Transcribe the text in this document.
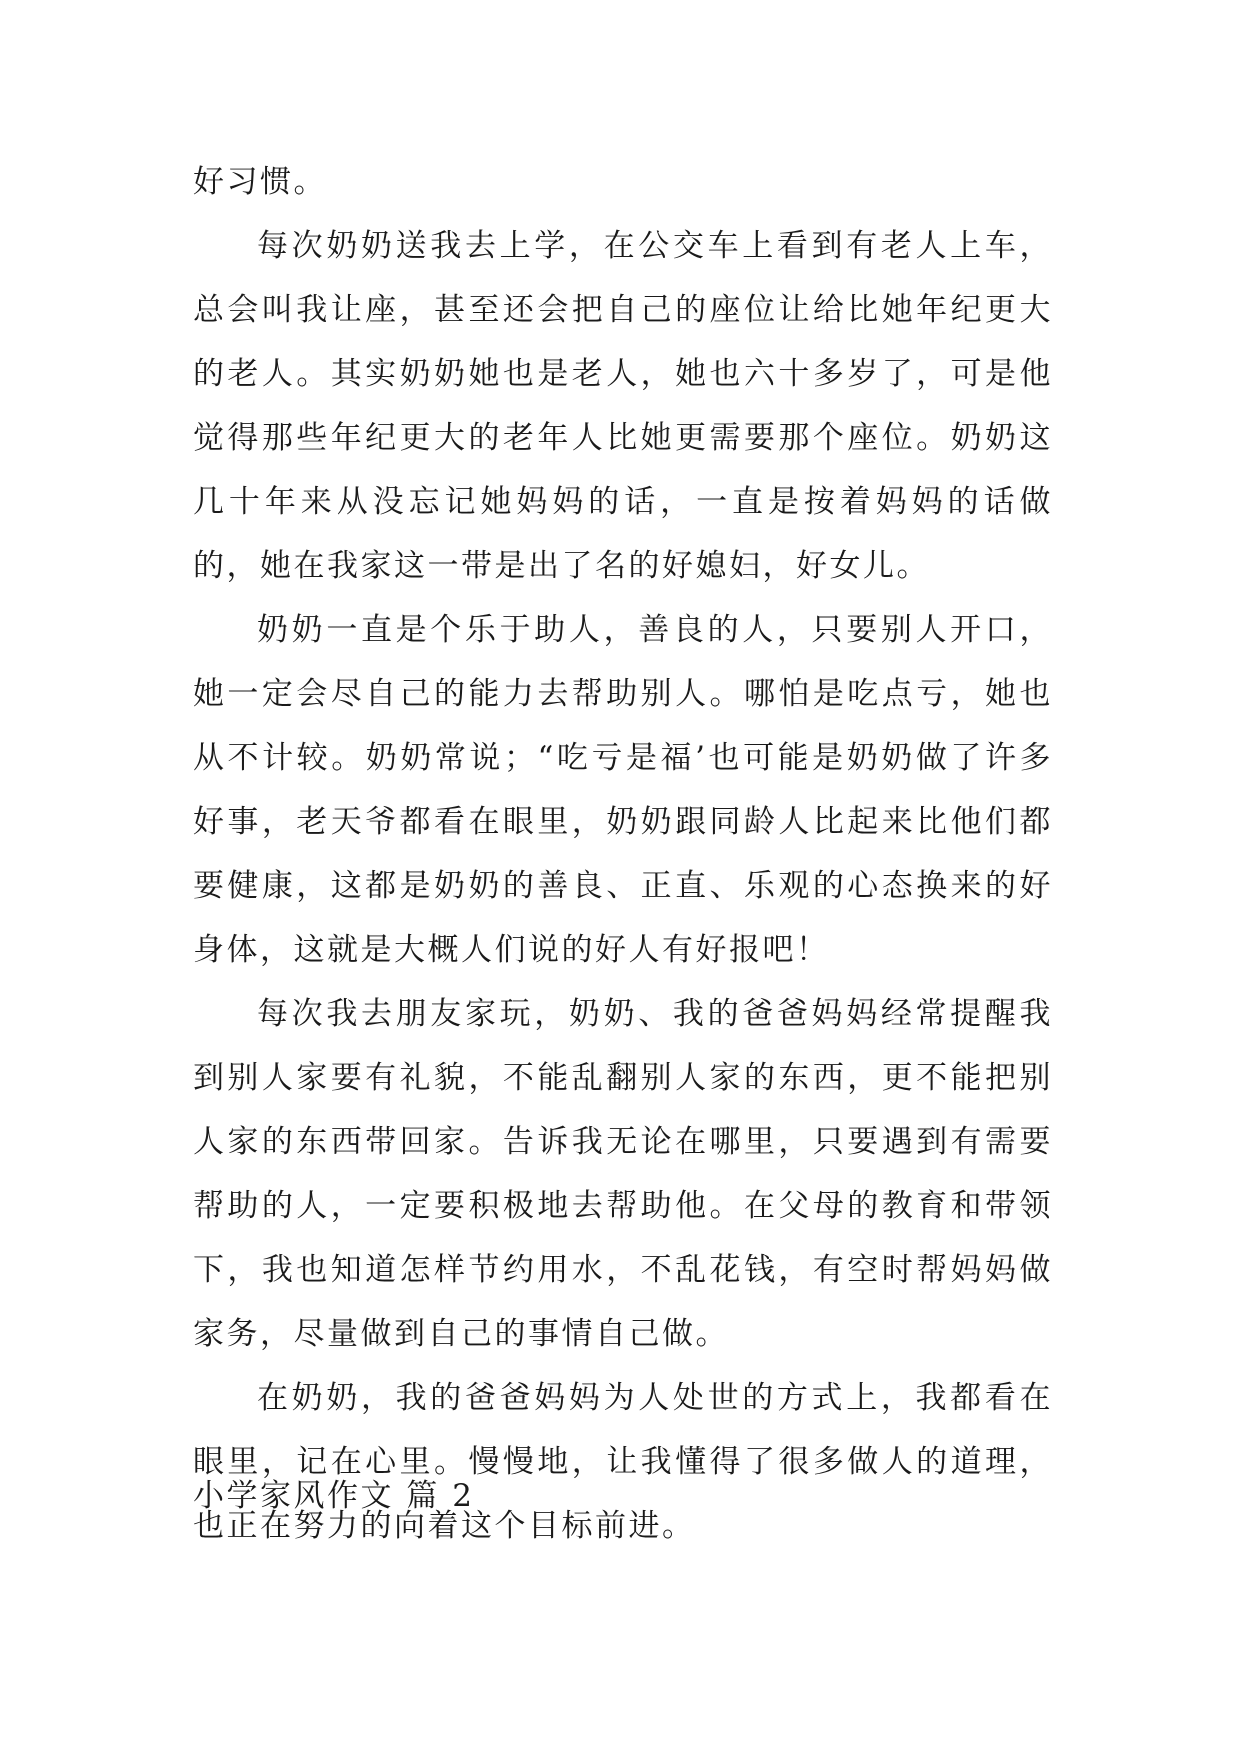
好习惯。

每次奶奶送我去上学，在公交车上看到有老人上车，总会叫我让座，甚至还会把自己的座位让给比她年纪更大的老人。其实奶奶她也是老人，她也六十多岁了，可是他觉得那些年纪更大的老年人比她更需要那个座位。奶奶这几十年来从没忘记她妈妈的话，一直是按着妈妈的话做的，她在我家这一带是出了名的好媳妇，好女儿。

奶奶一直是个乐于助人，善良的人，只要别人开口，她一定会尽自己的能力去帮助别人。哪怕是吃点亏，她也从不计较。奶奶常说；“吃亏是福’也可能是奶奶做了许多好事，老天爷都看在眼里，奶奶跟同龄人比起来比他们都要健康，这都是奶奶的善良、正直、乐观的心态换来的好身体，这就是大概人们说的好人有好报吧！

每次我去朋友家玩，奶奶、我的爸爸妈妈经常提醒我到别人家要有礼貌，不能乱翻别人家的东西，更不能把别人家的东西带回家。告诉我无论在哪里，只要遇到有需要帮助的人，一定要积极地去帮助他。在父母的教育和带领下，我也知道怎样节约用水，不乱花钱，有空时帮妈妈做家务，尽量做到自己的事情自己做。

在奶奶，我的爸爸妈妈为人处世的方式上，我都看在眼里，记在心里。慢慢地，让我懂得了很多做人的道理，也正在努力的向着这个目标前进。

小学家风作文 篇 2
